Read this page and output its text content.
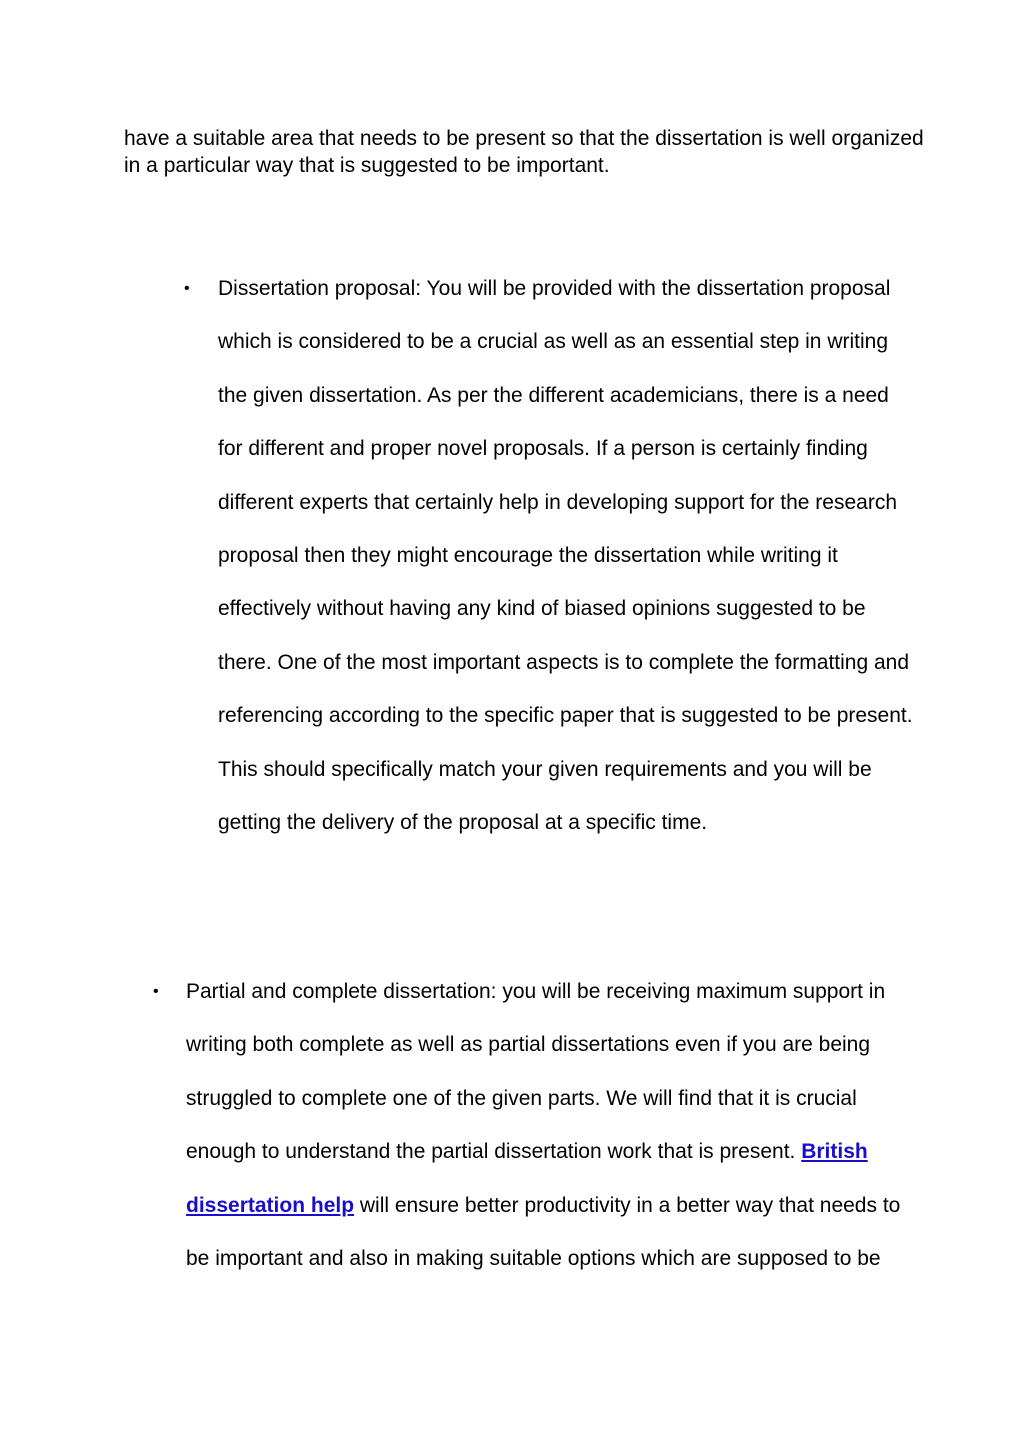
have a suitable area that needs to be present so that the dissertation is well organized in a particular way that is suggested to be important.

• Dissertation proposal: You will be provided with the dissertation proposal which is considered to be a crucial as well as an essential step in writing the given dissertation. As per the different academicians, there is a need for different and proper novel proposals. If a person is certainly finding different experts that certainly help in developing support for the research proposal then they might encourage the dissertation while writing it effectively without having any kind of biased opinions suggested to be there. One of the most important aspects is to complete the formatting and referencing according to the specific paper that is suggested to be present. This should specifically match your given requirements and you will be getting the delivery of the proposal at a specific time.
• Partial and complete dissertation: you will be receiving maximum support in writing both complete as well as partial dissertations even if you are being struggled to complete one of the given parts. We will find that it is crucial enough to understand the partial dissertation work that is present. British dissertation help will ensure better productivity in a better way that needs to be important and also in making suitable options which are supposed to be
